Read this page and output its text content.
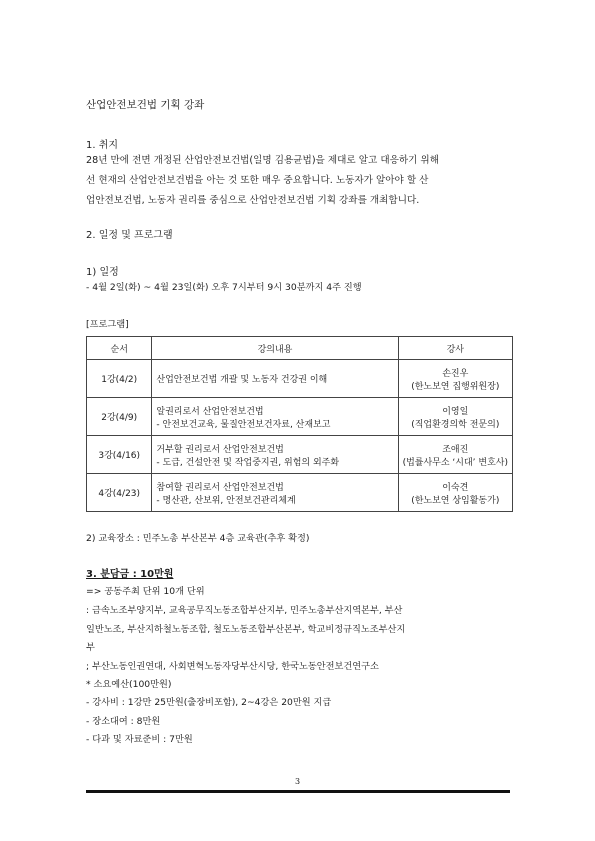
산업안전보건법 기획 강좌
1. 취지
28년 만에 전면 개정된 산업안전보건법(일명 김용균법)을 제대로 알고 대응하기 위해
선 현재의 산업안전보건법을 아는 것 또한 매우 중요합니다. 노동자가 알아야 할 산
업안전보건법, 노동자 권리를 중심으로 산업안전보건법 기획 강좌를 개최합니다.
2. 일정 및 프로그램
1) 일정
- 4월 2일(화) ~ 4월 23일(화) 오후 7시부터 9시 30분까지 4주 진행
[프로그램]
순서	강의내용	강사
1강(4/2)	산업안전보건법 개괄 및 노동자 건강권 이해	손진우
(한노보연 집행위원장)

2강(4/9)	알권리로서 산업안전보건법
- 안전보건교육, 물질안전보건자료, 산재보고	이영일
(직업환경의학 전문의)

3강(4/16)	거부할 권리로서 산업안전보건법
- 도급, 건설안전 및 작업중지권, 위험의 외주화	조애진
(법률사무소 ‘시대’ 변호사)

4강(4/23)	참여할 권리로서 산업안전보건법
- 명산관, 산보위, 안전보건관리체계	이숙견
(한노보연 상임활동가)
2) 교육장소 : 민주노총 부산본부 4층 교육관(추후 확정)
3. 분담금 : 10만원
=> 공동주최 단위 10개 단위
: 금속노조부양지부, 교육공무직노동조합부산지부, 민주노총부산지역본부, 부산
일반노조, 부산지하철노동조합, 철도노동조합부산본부, 학교비정규직노조부산지
부
; 부산노동인권연대, 사회변혁노동자당부산시당, 한국노동안전보건연구소
* 소요예산(100만원)
- 강사비 : 1강만 25만원(출장비포함), 2~4강은 20만원 지급
- 장소대여 : 8만원
- 다과 및 자료준비 : 7만원
3
